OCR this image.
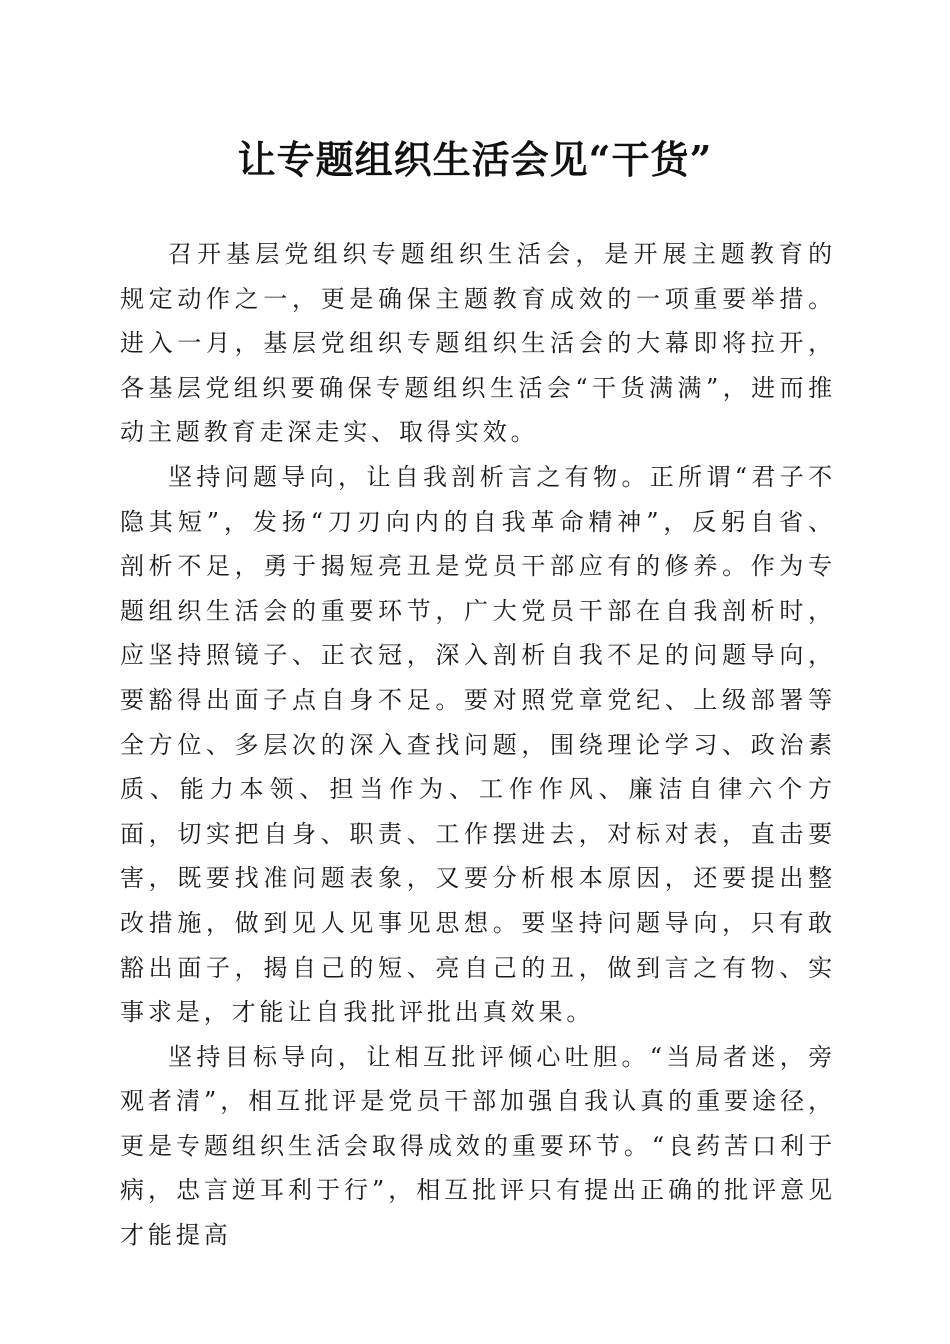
让专题组织生活会见“干货”

召开基层党组织专题组织生活会，是开展主题教育的规定动作之一，更是确保主题教育成效的一项重要举措。进入一月，基层党组织专题组织生活会的大幕即将拉开，各基层党组织要确保专题组织生活会“干货满满”，进而推动主题教育走深走实、取得实效。

坚持问题导向，让自我剖析言之有物。正所谓“君子不隐其短”，发扬“刀刃向内的自我革命精神”，反躬自省、剖析不足，勇于揭短亮丑是党员干部应有的修养。作为专题组织生活会的重要环节，广大党员干部在自我剖析时，应坚持照镜子、正衣冠，深入剖析自我不足的问题导向，要豁得出面子点自身不足。要对照党章党纪、上级部署等全方位、多层次的深入查找问题，围绕理论学习、政治素质、能力本领、担当作为、工作作风、廉洁自律六个方面，切实把自身、职责、工作摆进去，对标对表，直击要害，既要找准问题表象，又要分析根本原因，还要提出整改措施，做到见人见事见思想。要坚持问题导向，只有敢豁出面子，揭自己的短、亮自己的丑，做到言之有物、实事求是，才能让自我批评批出真效果。

坚持目标导向，让相互批评倾心吐胆。“当局者迷，旁观者清”，相互批评是党员干部加强自我认真的重要途径，更是专题组织生活会取得成效的重要环节。“良药苦口利于病，忠言逆耳利于行”，相互批评只有提出正确的批评意见才能提高
